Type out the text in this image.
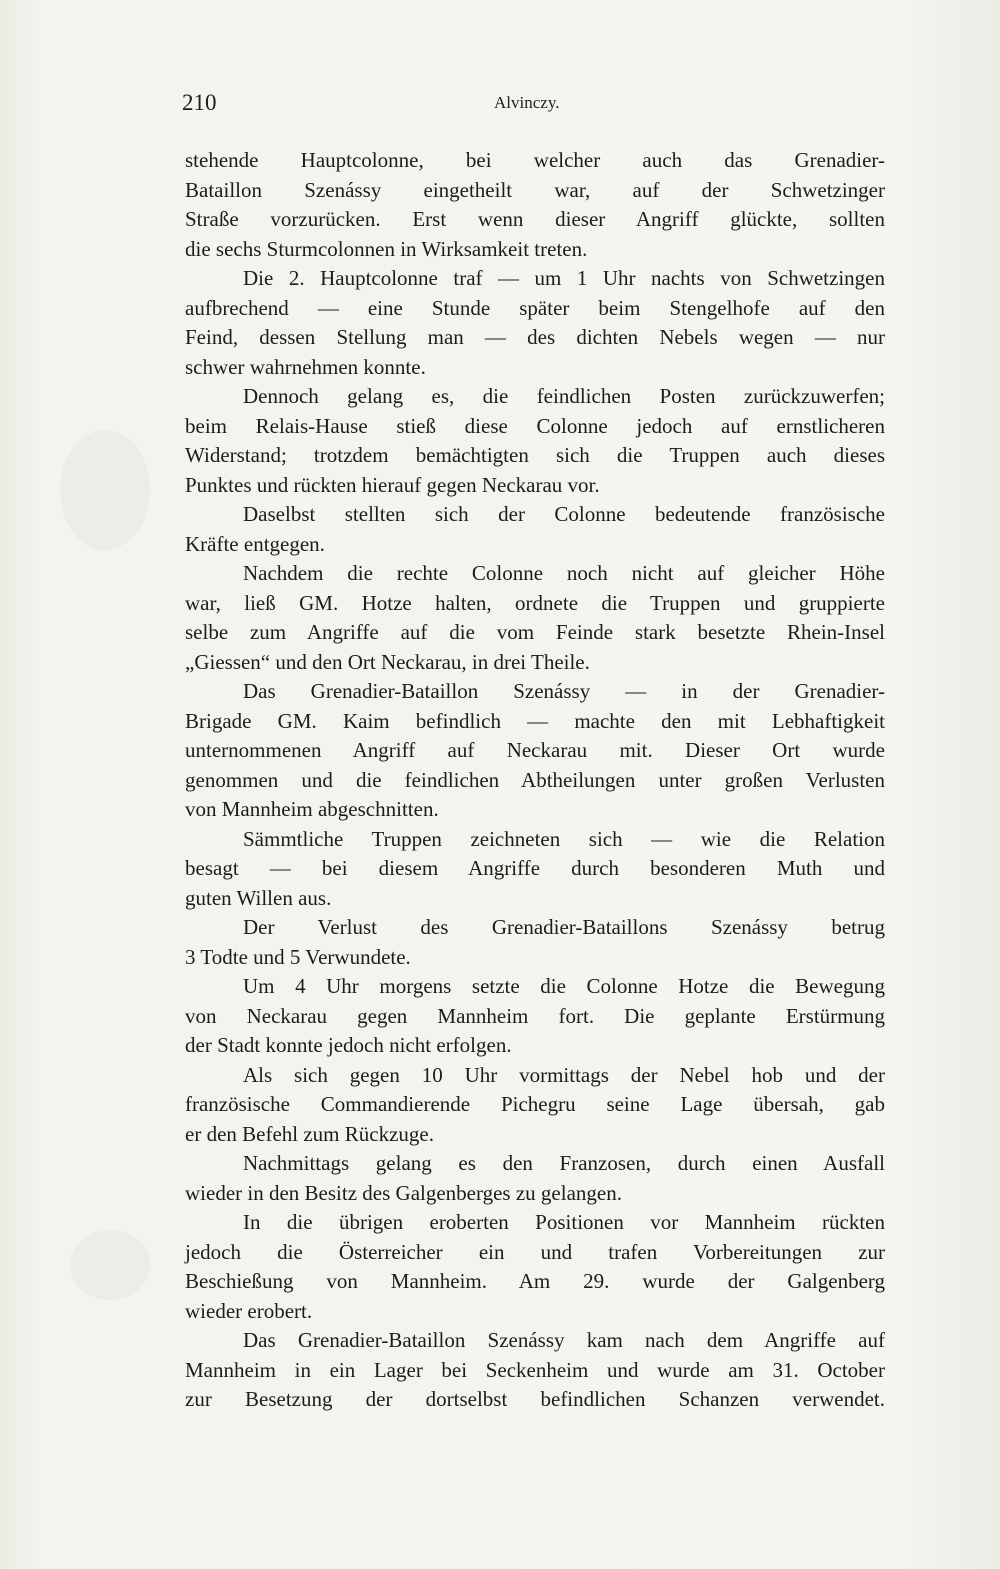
210	Alvinczy.
stehende Hauptcolonne, bei welcher auch das Grenadier-
Bataillon Szenássy eingetheilt war, auf der Schwetzinger
Straße vorzurücken. Erst wenn dieser Angriff glückte, sollten
die sechs Sturmcolonnen in Wirksamkeit treten.
Die 2. Hauptcolonne traf — um 1 Uhr nachts von Schwetzingen
aufbrechend — eine Stunde später beim Stengelhofe auf den
Feind, dessen Stellung man — des dichten Nebels wegen — nur
schwer wahrnehmen konnte.
Dennoch gelang es, die feindlichen Posten zurückzuwerfen;
beim Relais-Hause stieß diese Colonne jedoch auf ernstlicheren
Widerstand; trotzdem bemächtigten sich die Truppen auch dieses
Punktes und rückten hierauf gegen Neckarau vor.
Daselbst stellten sich der Colonne bedeutende französische
Kräfte entgegen.
Nachdem die rechte Colonne noch nicht auf gleicher Höhe
war, ließ GM. Hotze halten, ordnete die Truppen und gruppierte
selbe zum Angriffe auf die vom Feinde stark besetzte Rhein-Insel
„Giessen“ und den Ort Neckarau, in drei Theile.
Das Grenadier-Bataillon Szenássy — in der Grenadier-
Brigade GM. Kaim befindlich — machte den mit Lebhaftigkeit
unternommenen Angriff auf Neckarau mit. Dieser Ort wurde
genommen und die feindlichen Abtheilungen unter großen Verlusten
von Mannheim abgeschnitten.
Sämmtliche Truppen zeichneten sich — wie die Relation
besagt — bei diesem Angriffe durch besonderen Muth und
guten Willen aus.
Der Verlust des Grenadier-Bataillons Szenássy betrug
3 Todte und 5 Verwundete.
Um 4 Uhr morgens setzte die Colonne Hotze die Bewegung
von Neckarau gegen Mannheim fort. Die geplante Erstürmung
der Stadt konnte jedoch nicht erfolgen.
Als sich gegen 10 Uhr vormittags der Nebel hob und der
französische Commandierende Pichegru seine Lage übersah, gab
er den Befehl zum Rückzuge.
Nachmittags gelang es den Franzosen, durch einen Ausfall
wieder in den Besitz des Galgenberges zu gelangen.
In die übrigen eroberten Positionen vor Mannheim rückten
jedoch die Österreicher ein und trafen Vorbereitungen zur
Beschießung von Mannheim. Am 29. wurde der Galgenberg
wieder erobert.
Das Grenadier-Bataillon Szenássy kam nach dem Angriffe auf
Mannheim in ein Lager bei Seckenheim und wurde am 31. October
zur Besetzung der dortselbst befindlichen Schanzen verwendet.
